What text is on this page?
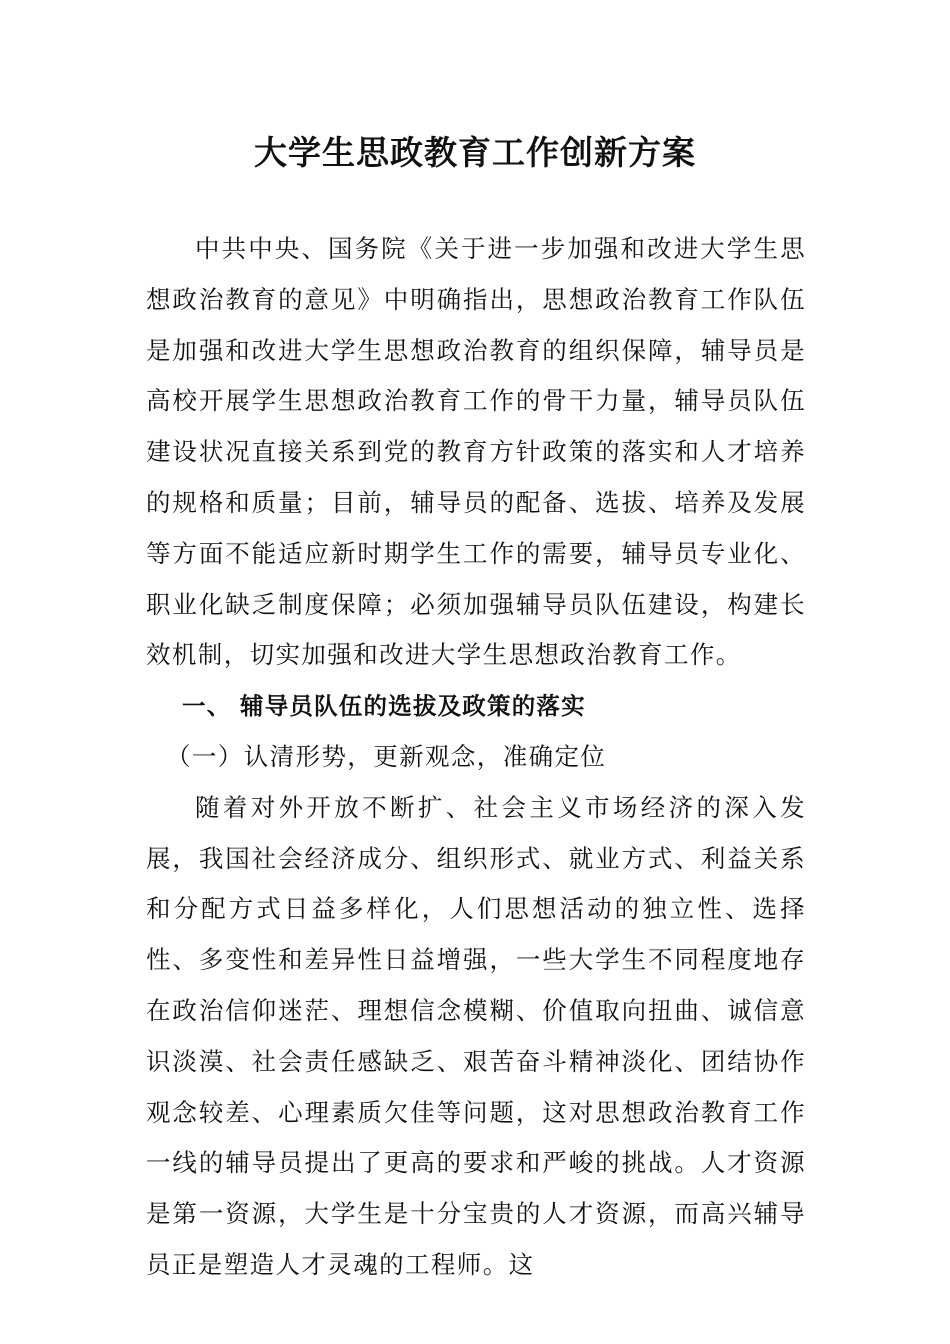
大学生思政教育工作创新方案

中共中央、国务院《关于进一步加强和改进大学生思想政治教育的意见》中明确指出，思想政治教育工作队伍是加强和改进大学生思想政治教育的组织保障，辅导员是高校开展学生思想政治教育工作的骨干力量，辅导员队伍建设状况直接关系到党的教育方针政策的落实和人才培养的规格和质量；目前，辅导员的配备、选拔、培养及发展等方面不能适应新时期学生工作的需要，辅导员专业化、职业化缺乏制度保障；必须加强辅导员队伍建设，构建长效机制，切实加强和改进大学生思想政治教育工作。

一、 辅导员队伍的选拔及政策的落实
（一）认清形势，更新观念，准确定位

随着对外开放不断扩、社会主义市场经济的深入发展，我国社会经济成分、组织形式、就业方式、利益关系和分配方式日益多样化，人们思想活动的独立性、选择性、多变性和差异性日益增强，一些大学生不同程度地存在政治信仰迷茫、理想信念模糊、价值取向扭曲、诚信意识淡漠、社会责任感缺乏、艰苦奋斗精神淡化、团结协作观念较差、心理素质欠佳等问题，这对思想政治教育工作一线的辅导员提出了更高的要求和严峻的挑战。人才资源是第一资源，大学生是十分宝贵的人才资源，而高兴辅导员正是塑造人才灵魂的工程师。这
